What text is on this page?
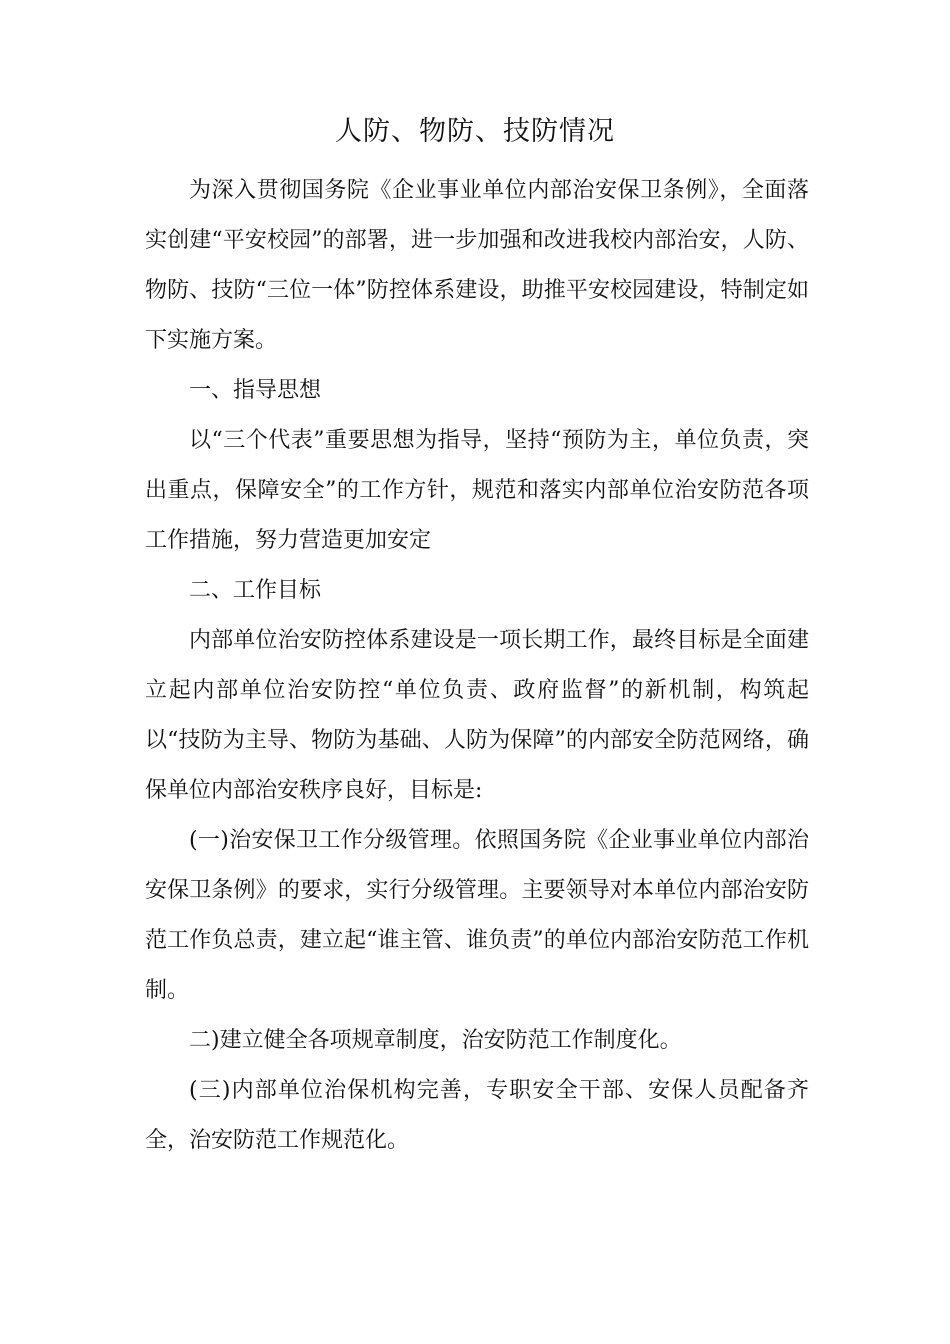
人防、物防、技防情况

为深入贯彻国务院《企业事业单位内部治安保卫条例》，全面落实创建“平安校园”的部署，进一步加强和改进我校内部治安，人防、物防、技防“三位一体”防控体系建设，助推平安校园建设，特制定如下实施方案。

一、指导思想

以“三个代表”重要思想为指导，坚持“预防为主，单位负责，突出重点，保障安全”的工作方针，规范和落实内部单位治安防范各项工作措施，努力营造更加安定

二、工作目标

内部单位治安防控体系建设是一项长期工作，最终目标是全面建立起内部单位治安防控“单位负责、政府监督”的新机制，构筑起以“技防为主导、物防为基础、人防为保障”的内部安全防范网络，确保单位内部治安秩序良好，目标是:

(一)治安保卫工作分级管理。依照国务院《企业事业单位内部治安保卫条例》的要求，实行分级管理。主要领导对本单位内部治安防范工作负总责，建立起“谁主管、谁负责”的单位内部治安防范工作机制。

二)建立健全各项规章制度，治安防范工作制度化。

(三)内部单位治保机构完善，专职安全干部、安保人员配备齐全，治安防范工作规范化。
